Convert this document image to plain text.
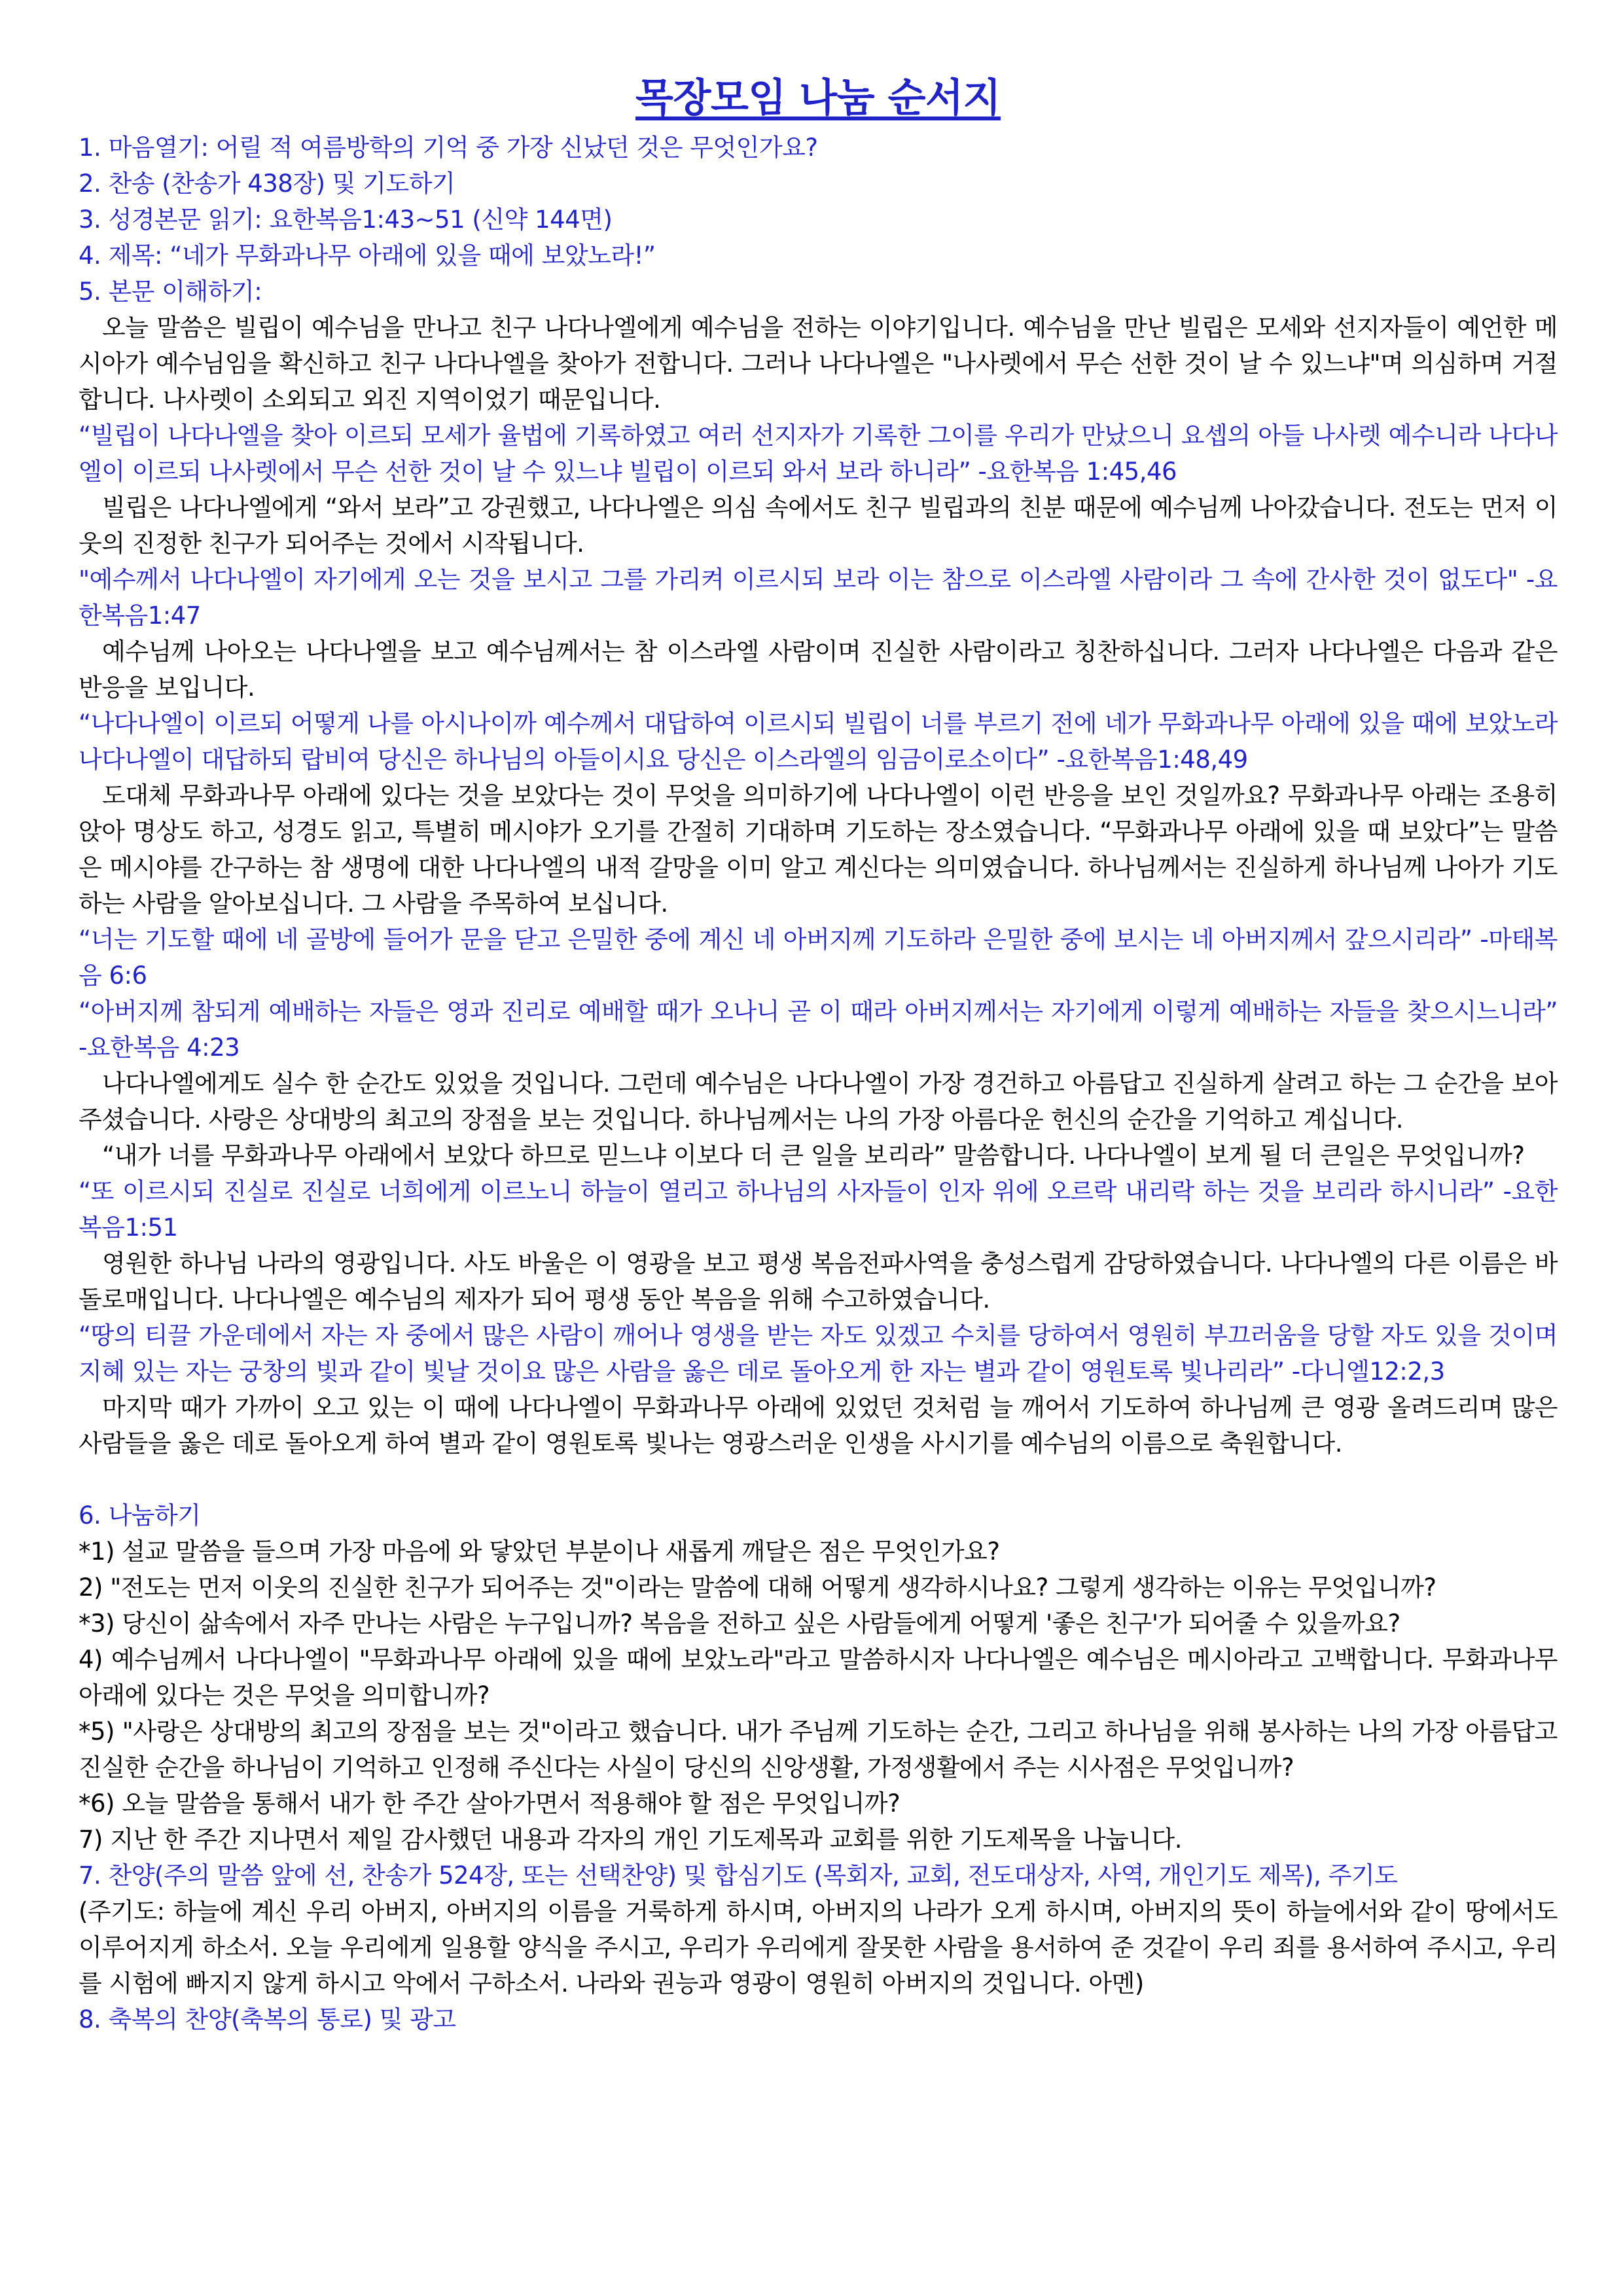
목장모임 나눔 순서지
1. 마음열기: 어릴 적 여름방학의 기억 중 가장 신났던 것은 무엇인가요?
2. 찬송 (찬송가 438장) 및 기도하기
3. 성경본문 읽기: 요한복음1:43~51 (신약 144면)
4. 제목: “네가 무화과나무 아래에 있을 때에 보았노라!”
5. 본문 이해하기:

오늘 말씀은 빌립이 예수님을 만나고 친구 나다나엘에게 예수님을 전하는 이야기입니다. 예수님을 만난 빌립은 모세와 선지자들이 예언한 메시아가 예수님임을 확신하고 친구 나다나엘을 찾아가 전합니다. 그러나 나다나엘은 "나사렛에서 무슨 선한 것이 날 수 있느냐"며 의심하며 거절합니다. 나사렛이 소외되고 외진 지역이었기 때문입니다.

“빌립이 나다나엘을 찾아 이르되 모세가 율법에 기록하였고 여러 선지자가 기록한 그이를 우리가 만났으니 요셉의 아들 나사렛 예수니라 나다나엘이 이르되 나사렛에서 무슨 선한 것이 날 수 있느냐 빌립이 이르되 와서 보라 하니라” -요한복음 1:45,46

빌립은 나다나엘에게 “와서 보라”고 강권했고, 나다나엘은 의심 속에서도 친구 빌립과의 친분 때문에 예수님께 나아갔습니다. 전도는 먼저 이웃의 진정한 친구가 되어주는 것에서 시작됩니다.

"예수께서 나다나엘이 자기에게 오는 것을 보시고 그를 가리켜 이르시되 보라 이는 참으로 이스라엘 사람이라 그 속에 간사한 것이 없도다" -요한복음1:47

예수님께 나아오는 나다나엘을 보고 예수님께서는 참 이스라엘 사람이며 진실한 사람이라고 칭찬하십니다. 그러자 나다나엘은 다음과 같은 반응을 보입니다.

“나다나엘이 이르되 어떻게 나를 아시나이까 예수께서 대답하여 이르시되 빌립이 너를 부르기 전에 네가 무화과나무 아래에 있을 때에 보았노라 나다나엘이 대답하되 랍비여 당신은 하나님의 아들이시요 당신은 이스라엘의 임금이로소이다” -요한복음1:48,49

도대체 무화과나무 아래에 있다는 것을 보았다는 것이 무엇을 의미하기에 나다나엘이 이런 반응을 보인 것일까요? 무화과나무 아래는 조용히 앉아 명상도 하고, 성경도 읽고, 특별히 메시야가 오기를 간절히 기대하며 기도하는 장소였습니다. “무화과나무 아래에 있을 때 보았다”는 말씀은 메시야를 간구하는 참 생명에 대한 나다나엘의 내적 갈망을 이미 알고 계신다는 의미였습니다. 하나님께서는 진실하게 하나님께 나아가 기도하는 사람을 알아보십니다. 그 사람을 주목하여 보십니다.

“너는 기도할 때에 네 골방에 들어가 문을 닫고 은밀한 중에 계신 네 아버지께 기도하라 은밀한 중에 보시는 네 아버지께서 갚으시리라” -마태복음 6:6

“아버지께 참되게 예배하는 자들은 영과 진리로 예배할 때가 오나니 곧 이 때라 아버지께서는 자기에게 이렇게 예배하는 자들을 찾으시느니라” -요한복음 4:23

나다나엘에게도 실수 한 순간도 있었을 것입니다. 그런데 예수님은 나다나엘이 가장 경건하고 아름답고 진실하게 살려고 하는 그 순간을 보아주셨습니다. 사랑은 상대방의 최고의 장점을 보는 것입니다. 하나님께서는 나의 가장 아름다운 헌신의 순간을 기억하고 계십니다.

“내가 너를 무화과나무 아래에서 보았다 하므로 믿느냐 이보다 더 큰 일을 보리라” 말씀합니다. 나다나엘이 보게 될 더 큰일은 무엇입니까?

“또 이르시되 진실로 진실로 너희에게 이르노니 하늘이 열리고 하나님의 사자들이 인자 위에 오르락 내리락 하는 것을 보리라 하시니라” -요한복음1:51

영원한 하나님 나라의 영광입니다. 사도 바울은 이 영광을 보고 평생 복음전파사역을 충성스럽게 감당하였습니다. 나다나엘의 다른 이름은 바돌로매입니다. 나다나엘은 예수님의 제자가 되어 평생 동안 복음을 위해 수고하였습니다.

“땅의 티끌 가운데에서 자는 자 중에서 많은 사람이 깨어나 영생을 받는 자도 있겠고 수치를 당하여서 영원히 부끄러움을 당할 자도 있을 것이며 지혜 있는 자는 궁창의 빛과 같이 빛날 것이요 많은 사람을 옳은 데로 돌아오게 한 자는 별과 같이 영원토록 빛나리라” -다니엘12:2,3

마지막 때가 가까이 오고 있는 이 때에 나다나엘이 무화과나무 아래에 있었던 것처럼 늘 깨어서 기도하여 하나님께 큰 영광 올려드리며 많은 사람들을 옳은 데로 돌아오게 하여 별과 같이 영원토록 빛나는 영광스러운 인생을 사시기를 예수님의 이름으로 축원합니다.

6. 나눔하기

*1) 설교 말씀을 들으며 가장 마음에 와 닿았던 부분이나 새롭게 깨달은 점은 무엇인가요?

2) "전도는 먼저 이웃의 진실한 친구가 되어주는 것"이라는 말씀에 대해 어떻게 생각하시나요? 그렇게 생각하는 이유는 무엇입니까?

*3) 당신이 삶속에서 자주 만나는 사람은 누구입니까? 복음을 전하고 싶은 사람들에게 어떻게 '좋은 친구'가 되어줄 수 있을까요?

4) 예수님께서 나다나엘이 "무화과나무 아래에 있을 때에 보았노라"라고 말씀하시자 나다나엘은 예수님은 메시아라고 고백합니다. 무화과나무 아래에 있다는 것은 무엇을 의미합니까?

*5) "사랑은 상대방의 최고의 장점을 보는 것"이라고 했습니다. 내가 주님께 기도하는 순간, 그리고 하나님을 위해 봉사하는 나의 가장 아름답고 진실한 순간을 하나님이 기억하고 인정해 주신다는 사실이 당신의 신앙생활, 가정생활에서 주는 시사점은 무엇입니까?

*6) 오늘 말씀을 통해서 내가 한 주간 살아가면서 적용해야 할 점은 무엇입니까?

7) 지난 한 주간 지나면서 제일 감사했던 내용과 각자의 개인 기도제목과 교회를 위한 기도제목을 나눕니다.

7. 찬양(주의 말씀 앞에 선, 찬송가 524장, 또는 선택찬양) 및 합심기도 (목회자, 교회, 전도대상자, 사역, 개인기도 제목), 주기도

(주기도: 하늘에 계신 우리 아버지, 아버지의 이름을 거룩하게 하시며, 아버지의 나라가 오게 하시며, 아버지의 뜻이 하늘에서와 같이 땅에서도 이루어지게 하소서. 오늘 우리에게 일용할 양식을 주시고, 우리가 우리에게 잘못한 사람을 용서하여 준 것같이 우리 죄를 용서하여 주시고, 우리를 시험에 빠지지 않게 하시고 악에서 구하소서. 나라와 권능과 영광이 영원히 아버지의 것입니다. 아멘)

8. 축복의 찬양(축복의 통로) 및 광고
